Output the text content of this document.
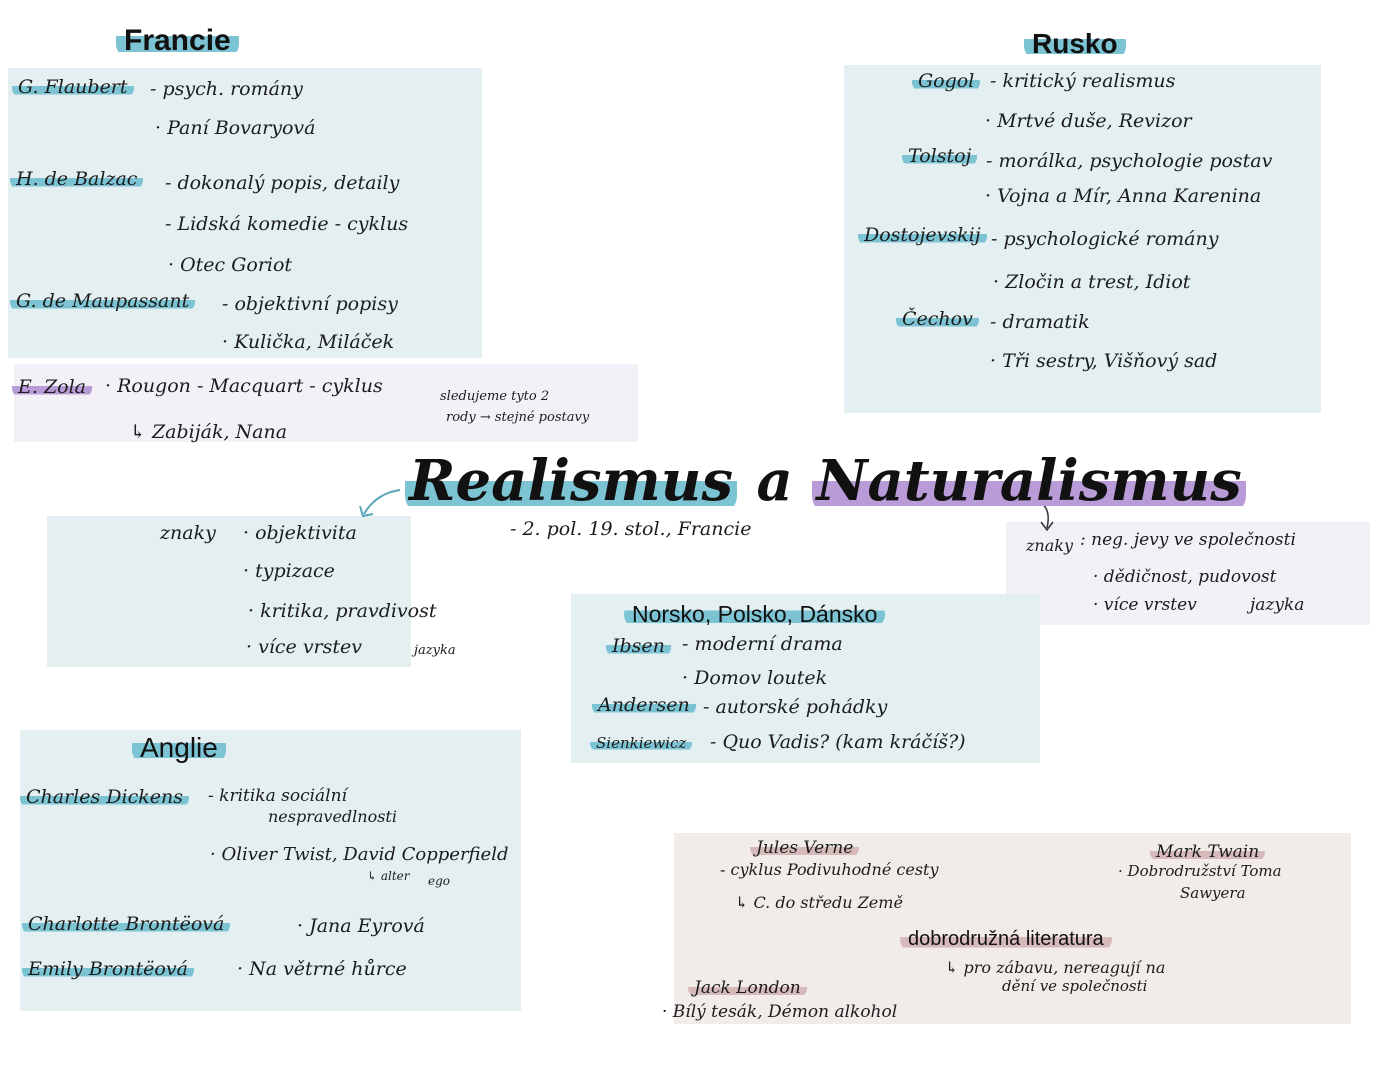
Francie
G. Flaubert	- psych. romány
· Paní Bovaryová
H. de Balzac	- dokonalý popis, detaily
- Lidská komedie - cyklus
· Otec Goriot
G. de Maupassant	- objektivní popisy
· Kulička, Miláček
E. Zola	· Rougon - Macquart - cyklus	sledujeme tyto 2
rody → stejné postavy
↳ Zabiják, Nana
Rusko
Gogol - kritický realismus
· Mrtvé duše, Revizor
Tolstoj - morálka, psychologie postav
· Vojna a Mír, Anna Karenina
Dostojevskij - psychologické romány
· Zločin a trest, Idiot
Čechov - dramatik
· Tři sestry, Višňový sad
Realismus a Naturalismus
- 2. pol. 19. stol., Francie
znaky · objektivita
· typizace
· kritika, pravdivost
· více vrstev	jazyka
znaky : neg. jevy ve společnosti
· dědičnost, pudovost
· více vrstev	jazyka
Norsko, Polsko, Dánsko
Ibsen - moderní drama
· Domov loutek
Andersen - autorské pohádky
Sienkiewicz	- Quo Vadis? (kam kráčíš?)
Anglie
Charles Dickens	- kritika sociální
nespravedlnosti
· Oliver Twist, David Copperfield
↳ alter ego
Charlotte Brontëová	· Jana Eyrová
Emily Brontëová	· Na větrné hůrce
Jules Verne
- cyklus Podivuhodné cesty
↳ C. do středu Země
Mark Twain
· Dobrodružství Toma
Sawyera
dobrodružná literatura
↳ pro zábavu, nereagují na
dění ve společnosti
Jack London
· Bílý tesák, Démon alkohol
